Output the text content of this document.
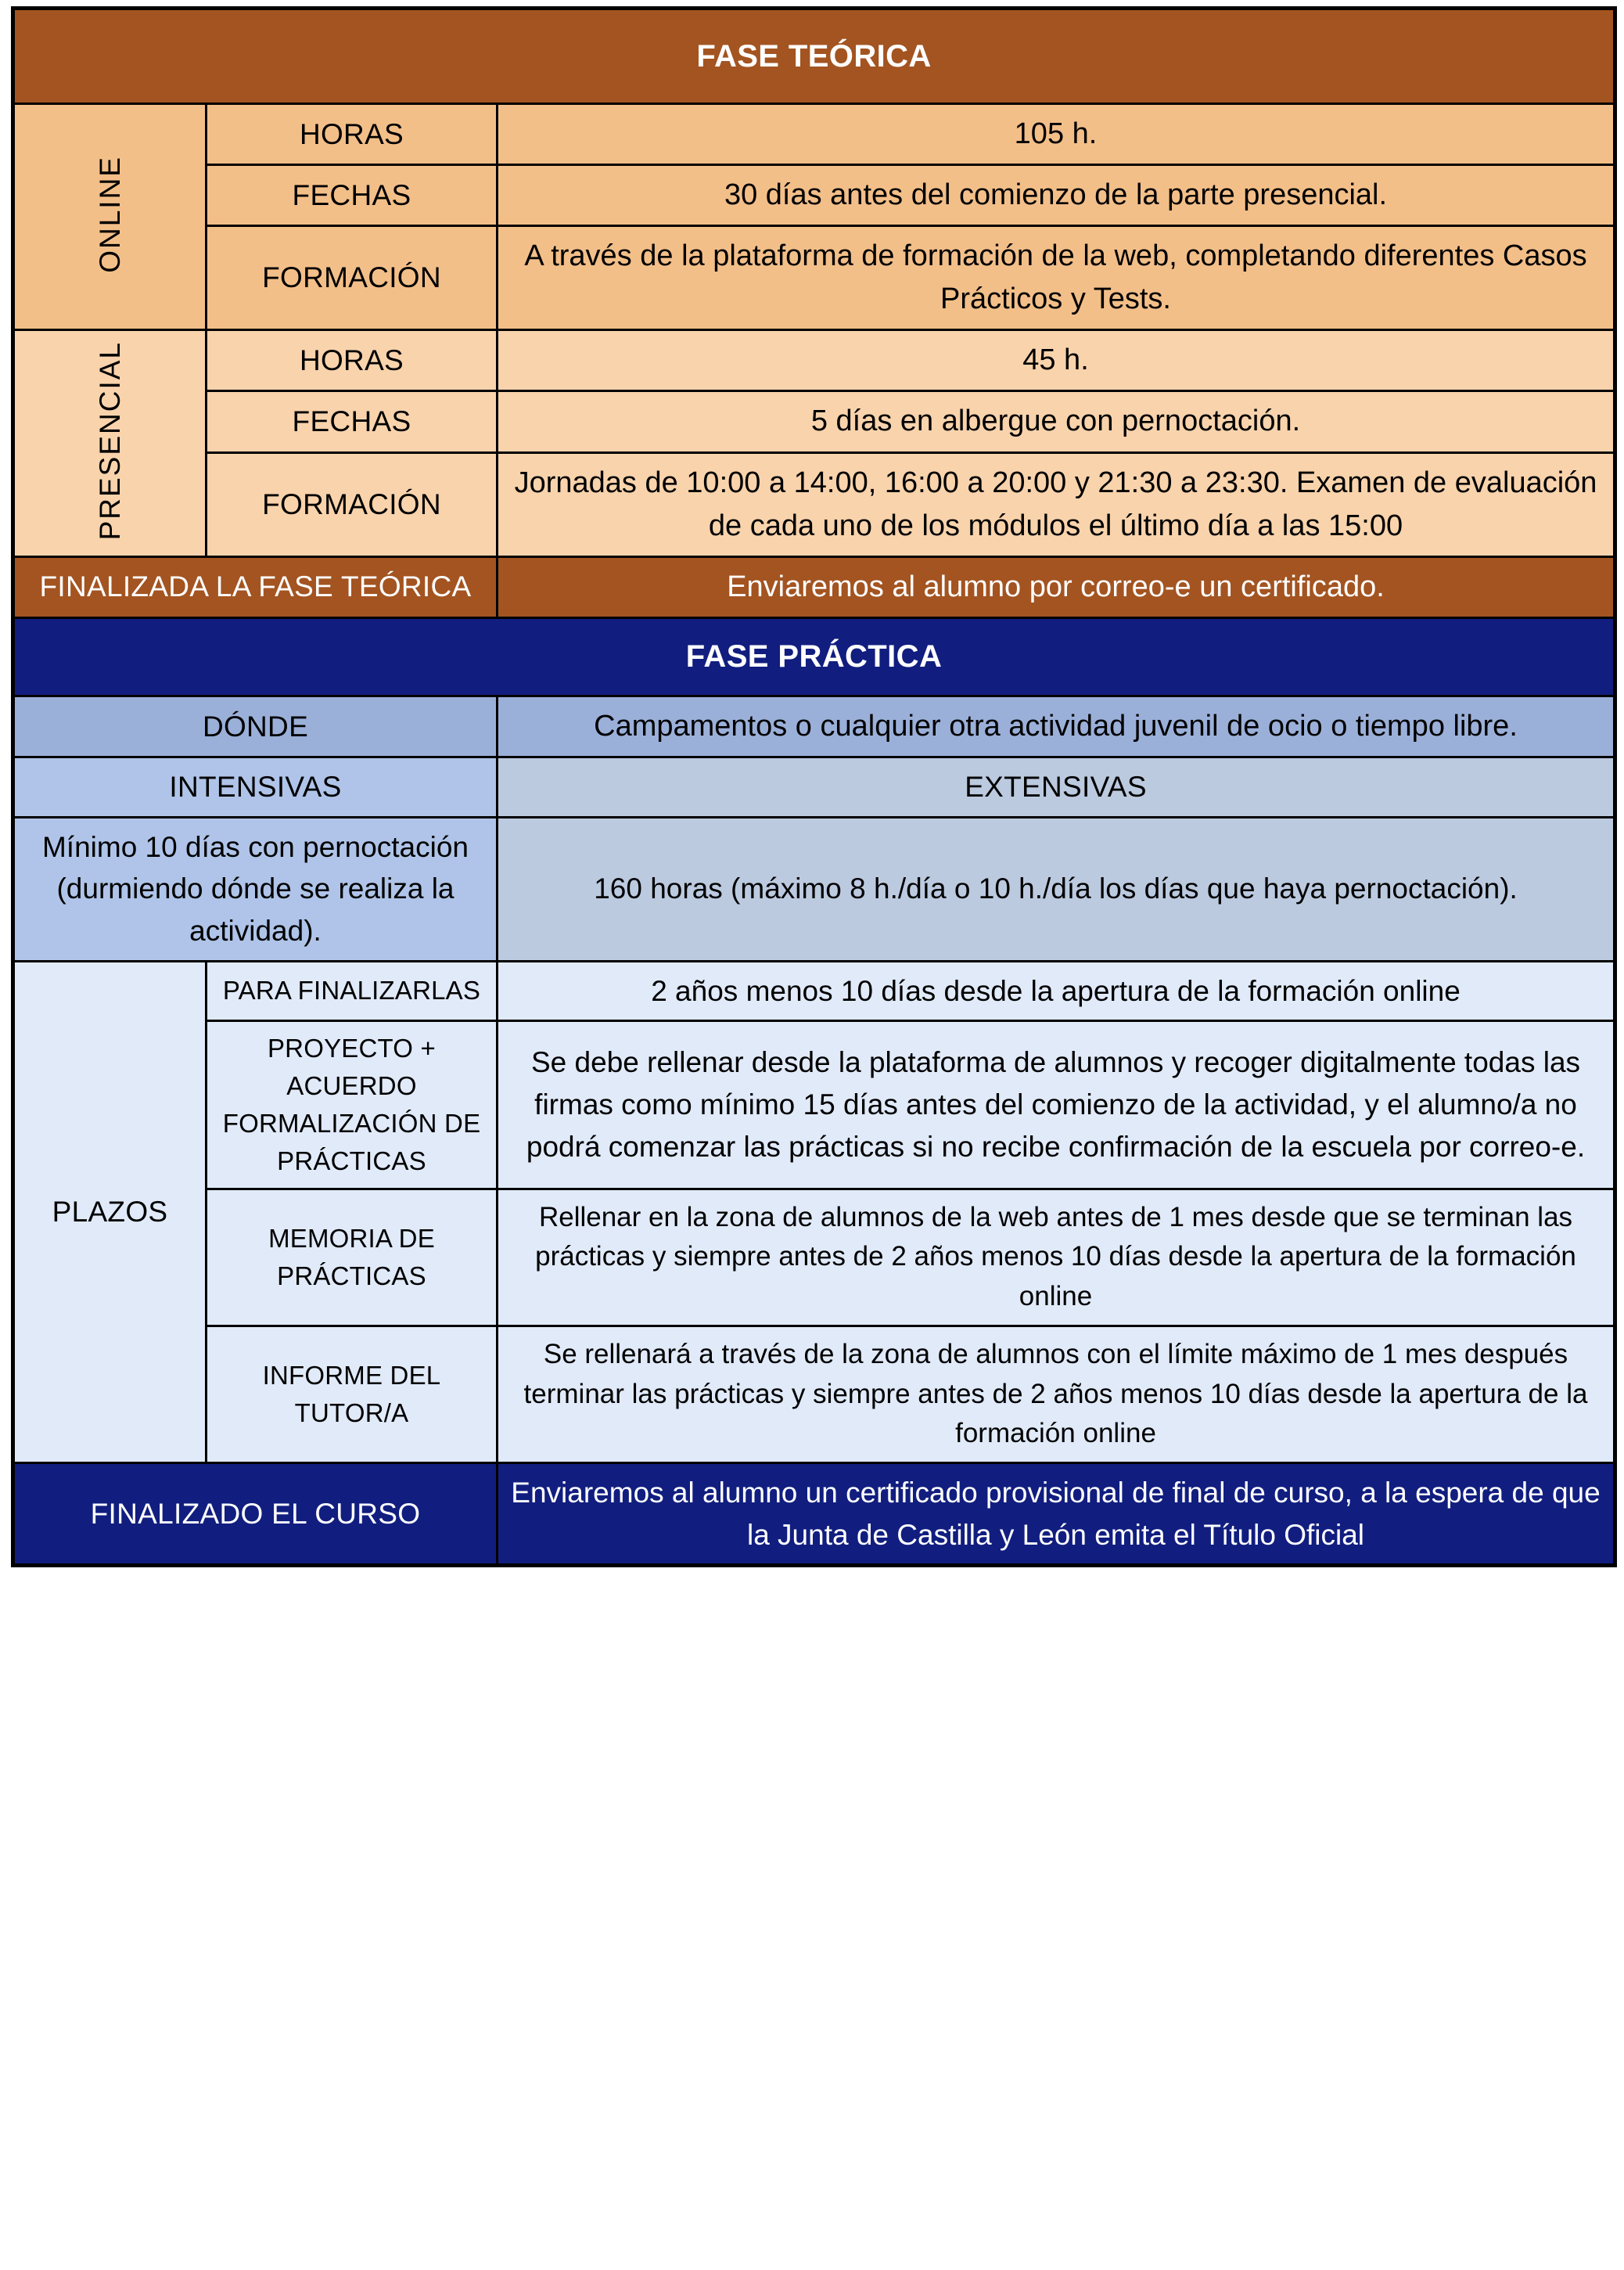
FASE TEÓRICA		
ONLINE	HORAS	105 h.
	FECHAS	30 días antes del comienzo de la parte presencial.
	FORMACIÓN	A través de la plataforma de formación de la web, completando diferentes Casos Prácticos y Tests.
PRESENCIAL	HORAS	45 h.
	FECHAS	5 días en albergue con pernoctación.
	FORMACIÓN	Jornadas de 10:00 a 14:00, 16:00 a 20:00 y 21:30 a 23:30. Examen de evaluación de cada uno de los módulos el último día a las 15:00
FINALIZADA LA FASE TEÓRICA		Enviaremos al alumno por correo-e un certificado.
FASE PRÁCTICA		
DÓNDE		Campamentos o cualquier otra actividad juvenil de ocio o tiempo libre.
INTENSIVAS		EXTENSIVAS
Mínimo 10 días con pernoctación (durmiendo dónde se realiza la actividad).		160 horas (máximo 8 h./día o 10 h./día los días que haya pernoctación).
PLAZOS	PARA FINALIZARLAS	2 años menos 10 días desde la apertura de la formación online
	PROYECTO + ACUERDO FORMALIZACIÓN DE PRÁCTICAS	Se debe rellenar desde la plataforma de alumnos y recoger digitalmente todas las firmas como mínimo 15 días antes del comienzo de la actividad, y el alumno/a no podrá comenzar las prácticas si no recibe confirmación de la escuela por correo-e.
	MEMORIA DE PRÁCTICAS	Rellenar en la zona de alumnos de la web antes de 1 mes desde que se terminan las prácticas y siempre antes de 2 años menos 10 días desde la apertura de la formación online
	INFORME DEL TUTOR/A	Se rellenará a través de la zona de alumnos con el límite máximo de 1 mes después terminar las prácticas y siempre antes de 2 años menos 10 días desde la apertura de la formación online
FINALIZADO EL CURSO		Enviaremos al alumno un certificado provisional de final de curso, a la espera de que la Junta de Castilla y León emita el Título Oficial
